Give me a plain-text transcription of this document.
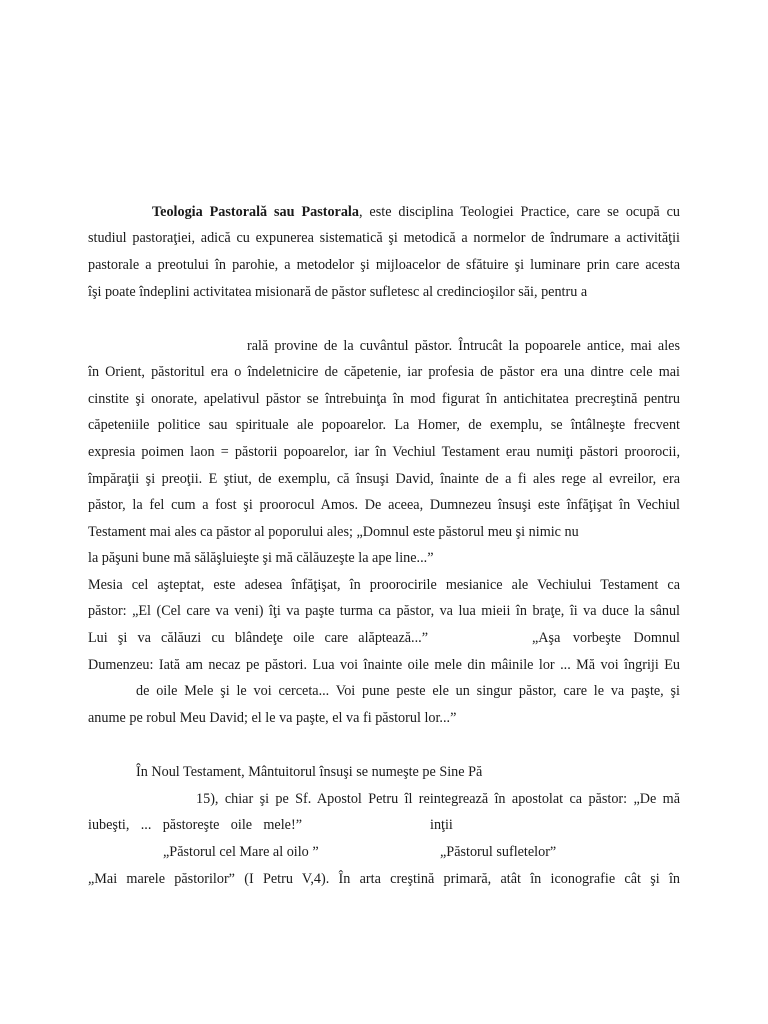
Teologia Pastorală sau Pastorala, este disciplina Teologiei Practice, care se ocupă cu
studiul pastoraţiei, adică cu expunerea sistematică şi metodică a normelor de îndrumare a activităţii
pastorale a preotului în parohie, a metodelor şi mijloacelor de sfătuire şi luminare prin care acesta
îşi poate îndeplini activitatea misionară de păstor sufletesc al credincioşilor săi, pentru a
rală provine de la cuvântul păstor. Întrucât la popoarele antice, mai ales
în Orient, păstoritul era o îndeletnicire de căpetenie, iar profesia de păstor era una dintre cele mai
cinstite şi onorate, apelativul păstor se întrebuinţa în mod figurat în antichitatea precreştină pentru
căpeteniile politice sau spirituale ale popoarelor. La Homer, de exemplu, se întâlneşte frecvent
expresia poimen laon = păstorii popoarelor, iar în Vechiul Testament erau numiţi păstori proorocii,
împăraţii şi preoţii. E ştiut, de exemplu, că însuşi David, înainte de a fi ales rege al evreilor, era
păstor, la fel cum a fost şi proorocul Amos. De aceea, Dumnezeu însuşi este înfăţişat în Vechiul
Testament mai ales ca păstor al poporului ales; „Domnul este păstorul meu şi nimic nu
la păşuni bune mă sălăşluieşte şi mă călăuzeşte la ape line...”
Mesia cel aşteptat, este adesea înfăţişat, în proorocirile mesianice ale Vechiului Testament ca
păstor: „El (Cel care va veni) îţi va paşte turma ca păstor, va lua mieii în braţe, îi va duce la sânul
Lui şi va călăuzi cu blândeţe oile care alăptează...”	„Aşa vorbeşte Domnul
Dumenzeu: Iată am necaz pe păstori. Lua voi înainte oile mele din mâinile lor ... Mă voi îngriji Eu
de oile Mele şi le voi cerceta... Voi pune peste ele un singur păstor, care le va paşte, şi
anume pe robul Meu David; el le va paşte, el va fi păstorul lor...”
În Noul Testament, Mântuitorul însuşi se numeşte pe Sine Pă
15), chiar şi pe Sf. Apostol Petru îl reintegrează în apostolat ca păstor: „De mă
iubeşti, ... păstoreşte oile mele!”	inţii
„Păstorul cel Mare al oilo ”	„Păstorul sufletelor”
„Mai marele păstorilor” (I Petru V,4). În arta creştină primară, atât în iconografie cât şi în
